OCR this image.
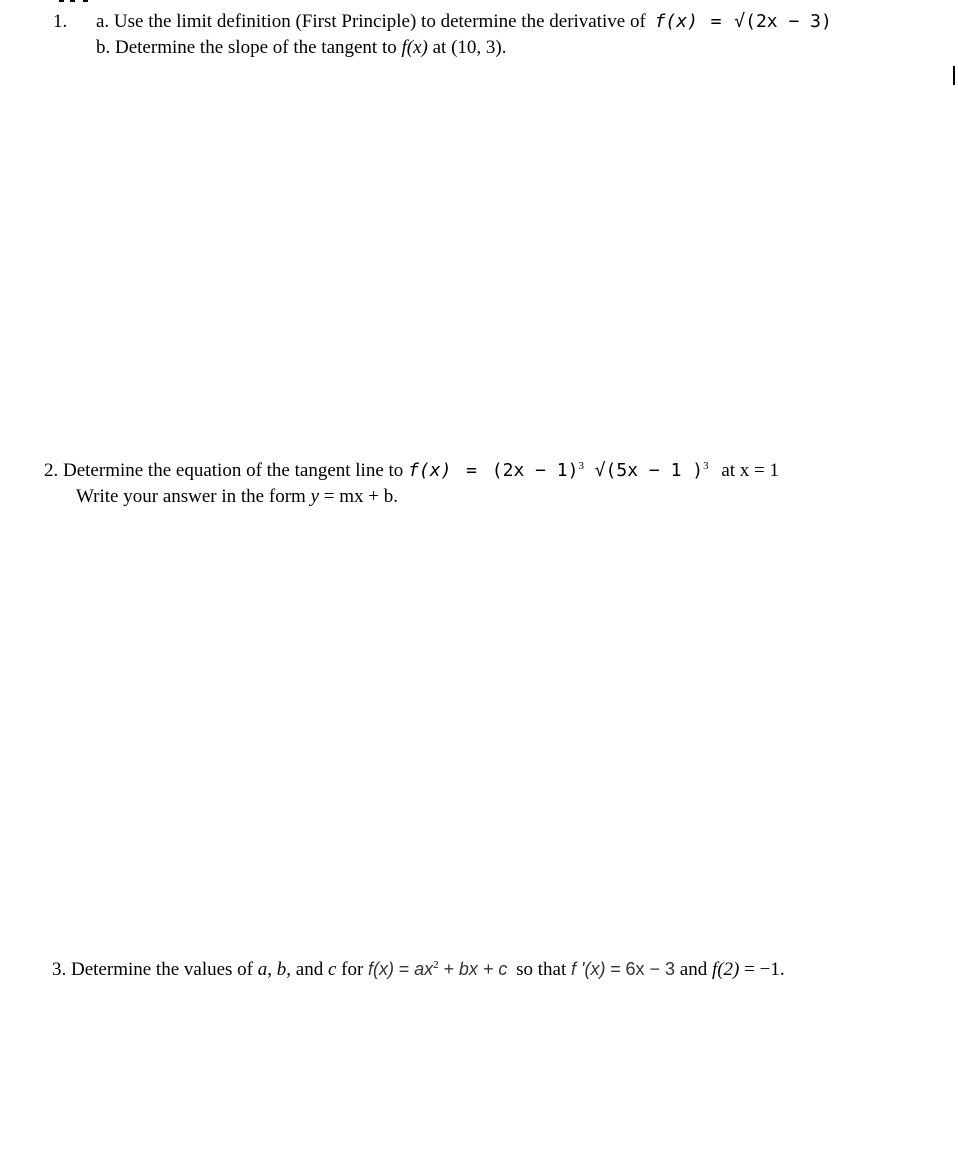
1. a. Use the limit definition (First Principle) to determine the derivative of f(x) = √(2x − 3)
b. Determine the slope of the tangent to f(x) at (10, 3).
2. Determine the equation of the tangent line to $f(x) = (2x - 1)^3$ √(5x − 1 )$^3$ at x = 1
Write your answer in the form y = mx + b.
3. Determine the values of a, b, and c for $f(x) = ax^2$ + bx + c so that f '(x) = 6x − 3 and f(2) = −1.
